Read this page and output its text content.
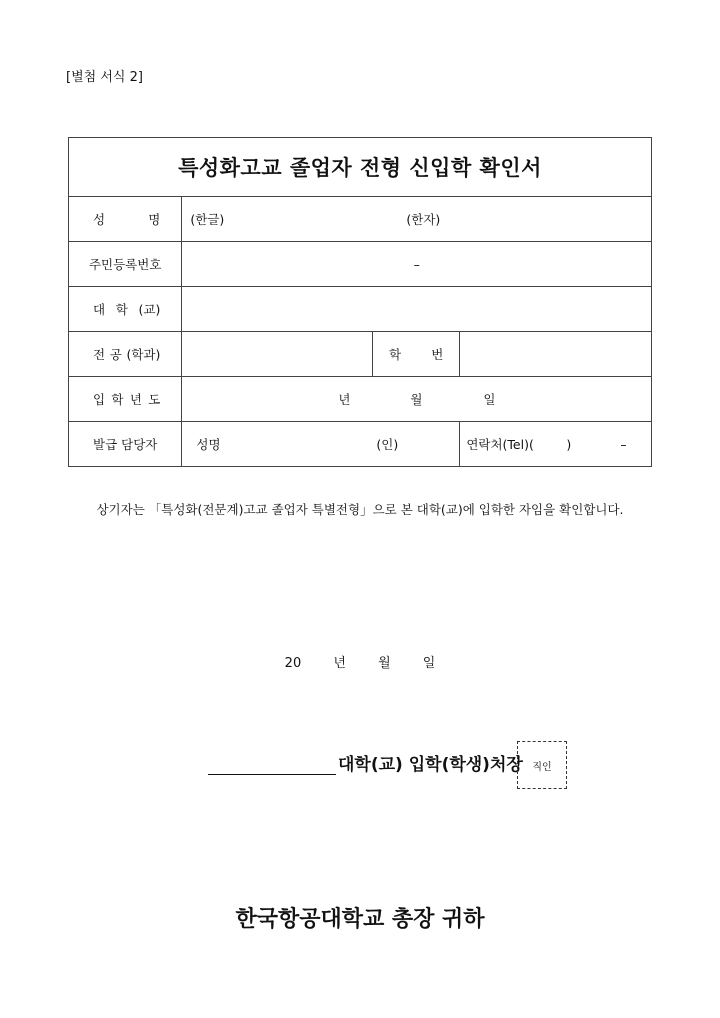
[별첨 서식 2]
특성화고교 졸업자 전형 신입학 확인서			

성 명	(한글) (한자)		

주민등록번호	–		

대 학 (교)			

전 공 (학과)		학 번	

입 학 년 도	년 월 일		

발급 담당자	성명 (인)		연락처(Tel)( ) –
상기자는 「특성화(전문계)고교 졸업자 특별전형」으로 본 대학(교)에 입학한 자임을 확인합니다.
20 년 월 일
대학(교) 입학(학생)처장 직인
한국항공대학교 총장 귀하
